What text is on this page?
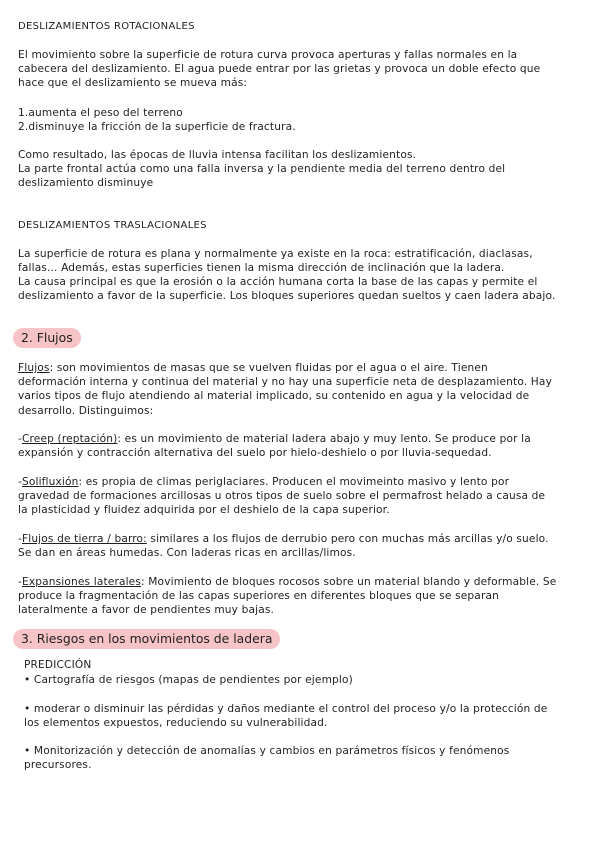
DESLIZAMIENTOS ROTACIONALES

El movimiento sobre la superficie de rotura curva provoca aperturas y fallas normales en la cabecera del deslizamiento. El agua puede entrar por las grietas y provoca un doble efecto que hace que el deslizamiento se mueva más:

1.aumenta el peso del terreno

2.disminuye la fricción de la superficie de fractura.

Como resultado, las épocas de lluvia intensa facilitan los deslizamientos.

La parte frontal actúa como una falla inversa y la pendiente media del terreno dentro del deslizamiento disminuye

DESLIZAMIENTOS TRASLACIONALES

La superficie de rotura es plana y normalmente ya existe en la roca: estratificación, diaclasas, fallas... Además, estas superficies tienen la misma dirección de inclinación que la ladera.

La causa principal es que la erosión o la acción humana corta la base de las capas y permite el deslizamiento a favor de la superficie. Los bloques superiores quedan sueltos y caen ladera abajo.

2. Flujos

Flujos: son movimientos de masas que se vuelven fluidas por el agua o el aire. Tienen deformación interna y continua del material y no hay una superficie neta de desplazamiento. Hay varios tipos de flujo atendiendo al material implicado, su contenido en agua y la velocidad de desarrollo. Distinguimos:

-Creep (reptación): es un movimiento de material ladera abajo y muy lento. Se produce por la expansión y contracción alternativa del suelo por hielo-deshielo o por lluvia-sequedad.

-Solifluxión: es propia de climas periglaciares. Producen el movimeinto masivo y lento por gravedad de formaciones arcillosas u otros tipos de suelo sobre el permafrost helado a causa de la plasticidad y fluidez adquirida por el deshielo de la capa superior.

-Flujos de tierra / barro: similares a los flujos de derrubio pero con muchas más arcillas y/o suelo. Se dan en áreas humedas. Con laderas ricas en arcillas/limos.

-Expansiones laterales: Movimiento de bloques rocosos sobre un material blando y deformable. Se produce la fragmentación de las capas superiores en diferentes bloques que se separan lateralmente a favor de pendientes muy bajas.

3. Riesgos en los movimientos de ladera

PREDICCIÓN

• Cartografía de riesgos (mapas de pendientes por ejemplo)

• moderar o disminuir las pérdidas y daños mediante el control del proceso y/o la protección de los elementos expuestos, reduciendo su vulnerabilidad.

• Monitorización y detección de anomalías y cambios en parámetros físicos y fenómenos precursores.
